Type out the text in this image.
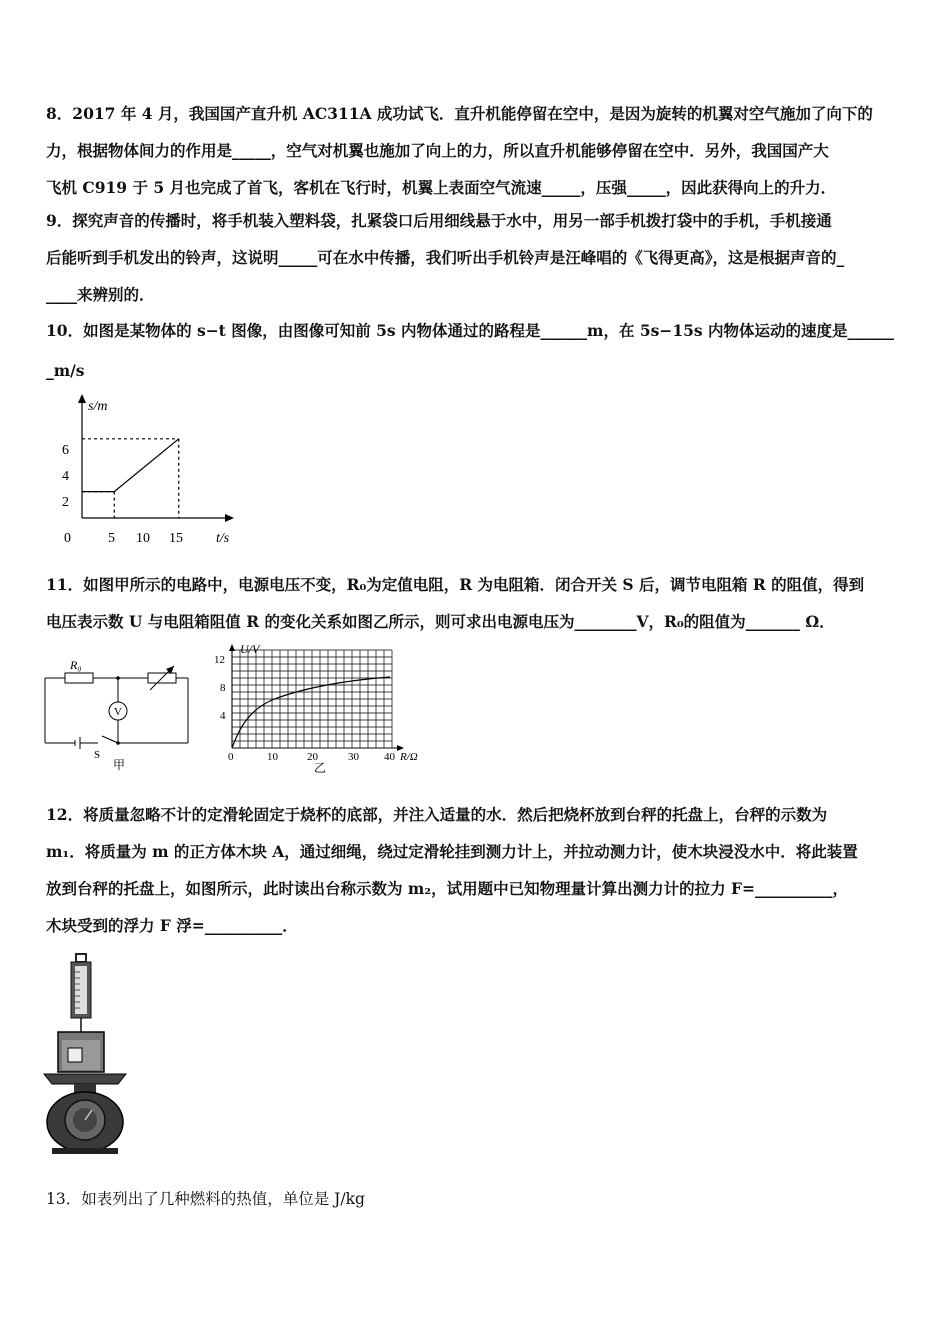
8．2017 年 4 月，我国国产直升机 AC311A 成功试飞．直升机能停留在空中，是因为旋转的机翼对空气施加了向下的
力，根据物体间力的作用是_____，空气对机翼也施加了向上的力，所以直升机能够停留在空中．另外，我国国产大
飞机 C919 于 5 月也完成了首飞，客机在飞行时，机翼上表面空气流速_____，压强_____，因此获得向上的升力．
9．探究声音的传播时，将手机装入塑料袋，扎紧袋口后用细线悬于水中，用另一部手机拨打袋中的手机，手机接通
后能听到手机发出的铃声，这说明_____可在水中传播，我们听出手机铃声是汪峰唱的《飞得更高》，这是根据声音的_
____来辨别的．
10．如图是某物体的 s−t 图像，由图像可知前 5s 内物体通过的路程是______m，在 5s−15s 内物体运动的速度是______
_m/s
s/m
t/s
2
4
6
0	5 10 15
11．如图甲所示的电路中，电源电压不变，R₀为定值电阻，R 为电阻箱．闭合开关 S 后，调节电阻箱 R 的阻值，得到
电压表示数 U 与电阻箱阻值 R 的变化关系如图乙所示，则可求出电源电压为________V，R₀的阻值为_______ Ω．
R₀
V
S
甲
U/V
4
8
12
0	10	20	30 40 R/Ω
乙
12．将质量忽略不计的定滑轮固定于烧杯的底部，并注入适量的水．然后把烧杯放到台秤的托盘上，台秤的示数为
m₁．将质量为 m 的正方体木块 A，通过细绳，绕过定滑轮挂到测力计上，并拉动测力计，使木块浸没水中．将此装置
放到台秤的托盘上，如图所示，此时读出台称示数为 m₂，试用题中已知物理量计算出测力计的拉力 F=__________，
木块受到的浮力 F 浮=__________．
13．如表列出了几种燃料的热值，单位是 J/kg
